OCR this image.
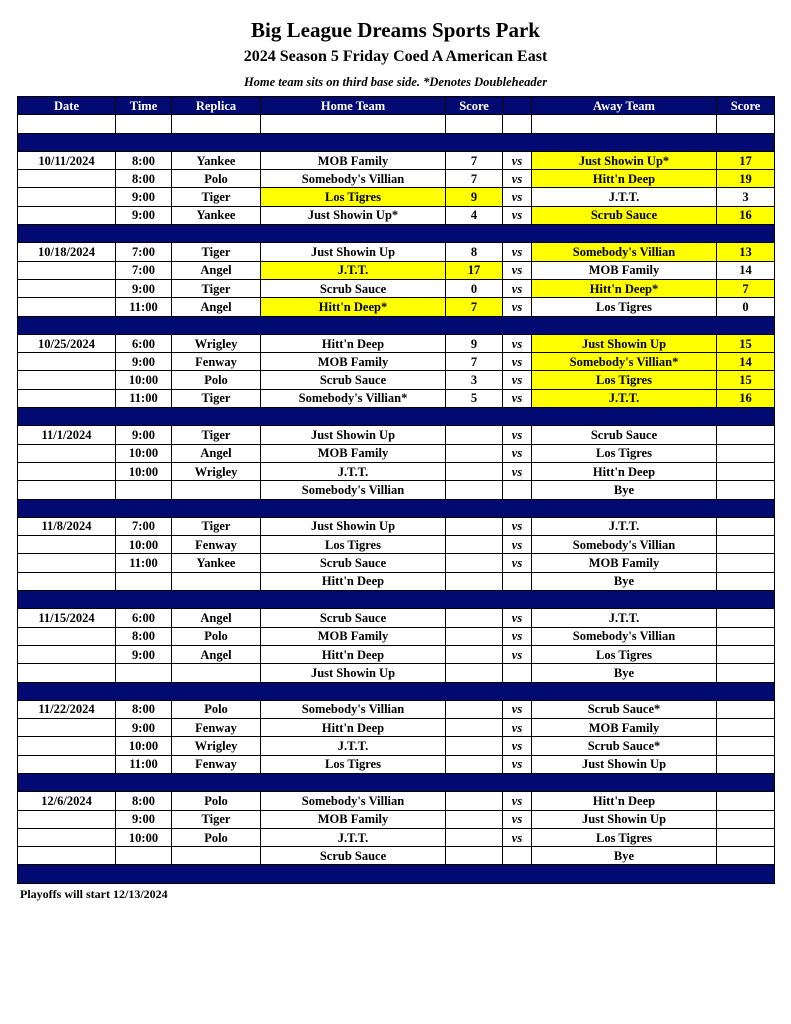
Big League Dreams Sports Park
2024 Season 5 Friday Coed A American East

Home team sits on third base side. *Denotes Doubleheader

Date	Time	Replica	Home Team	Score		Away Team	Score

10/11/2024	8:00	Yankee	MOB Family	7	vs	Just Showin Up*	17
	8:00	Polo	Somebody's Villian	7	vs	Hitt'n Deep	19
	9:00	Tiger	Los Tigres	9	vs	J.T.T.	3
	9:00	Yankee	Just Showin Up*	4	vs	Scrub Sauce	16

10/18/2024	7:00	Tiger	Just Showin Up	8	vs	Somebody's Villian	13
	7:00	Angel	J.T.T.	17	vs	MOB Family	14
	9:00	Tiger	Scrub Sauce	0	vs	Hitt'n Deep*	7
	11:00	Angel	Hitt'n Deep*	7	vs	Los Tigres	0

10/25/2024	6:00	Wrigley	Hitt'n Deep	9	vs	Just Showin Up	15
	9:00	Fenway	MOB Family	7	vs	Somebody's Villian*	14
	10:00	Polo	Scrub Sauce	3	vs	Los Tigres	15
	11:00	Tiger	Somebody's Villian*	5	vs	J.T.T.	16

11/1/2024	9:00	Tiger	Just Showin Up		vs	Scrub Sauce	
	10:00	Angel	MOB Family		vs	Los Tigres	
	10:00	Wrigley	J.T.T.		vs	Hitt'n Deep	
			Somebody's Villian			Bye	

11/8/2024	7:00	Tiger	Just Showin Up		vs	J.T.T.	
	10:00	Fenway	Los Tigres		vs	Somebody's Villian	
	11:00	Yankee	Scrub Sauce		vs	MOB Family	
			Hitt'n Deep			Bye	

11/15/2024	6:00	Angel	Scrub Sauce		vs	J.T.T.	
	8:00	Polo	MOB Family		vs	Somebody's Villian	
	9:00	Angel	Hitt'n Deep		vs	Los Tigres	
			Just Showin Up			Bye	

11/22/2024	8:00	Polo	Somebody's Villian		vs	Scrub Sauce*	
	9:00	Fenway	Hitt'n Deep		vs	MOB Family	
	10:00	Wrigley	J.T.T.		vs	Scrub Sauce*	
	11:00	Fenway	Los Tigres		vs	Just Showin Up	

12/6/2024	8:00	Polo	Somebody's Villian		vs	Hitt'n Deep	
	9:00	Tiger	MOB Family		vs	Just Showin Up	
	10:00	Polo	J.T.T.		vs	Los Tigres	
			Scrub Sauce			Bye	

Playoffs will start 12/13/2024
